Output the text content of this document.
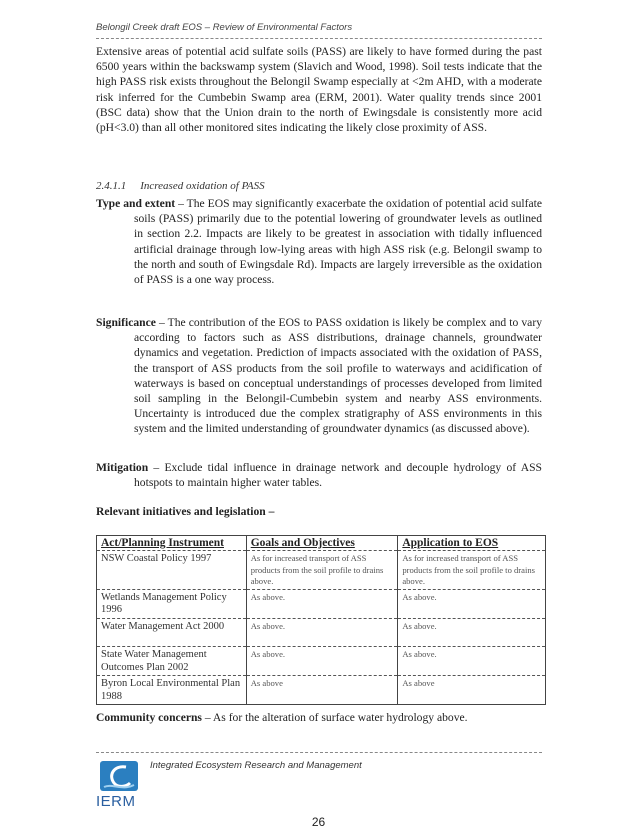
Belongil Creek draft EOS – Review of Environmental Factors
Extensive areas of potential acid sulfate soils (PASS) are likely to have formed during the past 6500 years within the backswamp system (Slavich and Wood, 1998). Soil tests indicate that the high PASS risk exists throughout the Belongil Swamp especially at <2m AHD, with a moderate risk inferred for the Cumbebin Swamp area (ERM, 2001). Water quality trends since 2001 (BSC data) show that the Union drain to the north of Ewingsdale is consistently more acid (pH<3.0) than all other monitored sites indicating the likely close proximity of ASS.
2.4.1.1 Increased oxidation of PASS
Type and extent – The EOS may significantly exacerbate the oxidation of potential acid sulfate soils (PASS) primarily due to the potential lowering of groundwater levels as outlined in section 2.2. Impacts are likely to be greatest in association with tidally influenced artificial drainage through low-lying areas with high ASS risk (e.g. Belongil swamp to the north and south of Ewingsdale Rd). Impacts are largely irreversible as the oxidation of PASS is a one way process.
Significance – The contribution of the EOS to PASS oxidation is likely be complex and to vary according to factors such as ASS distributions, drainage channels, groundwater dynamics and vegetation. Prediction of impacts associated with the oxidation of PASS, the transport of ASS products from the soil profile to waterways and acidification of waterways is based on conceptual understandings of processes developed from limited soil sampling in the Belongil-Cumbebin system and nearby ASS environments. Uncertainty is introduced due the complex stratigraphy of ASS environments in this system and the limited understanding of groundwater dynamics (as discussed above).
Mitigation – Exclude tidal influence in drainage network and decouple hydrology of ASS hotspots to maintain higher water tables.
Relevant initiatives and legislation –
Act/Planning Instrument	Goals and Objectives	Application to EOS
NSW Coastal Policy 1997	As for increased transport of ASS products from the soil profile to drains above.	As for increased transport of ASS products from the soil profile to drains above.
Wetlands Management Policy 1996	As above.	As above.
Water Management Act 2000	As above.	As above.
State Water Management Outcomes Plan 2002	As above.	As above.
Byron Local Environmental Plan 1988	As above	As above
Community concerns – As for the alteration of surface water hydrology above.
IERM
Integrated Ecosystem Research and Management
26
